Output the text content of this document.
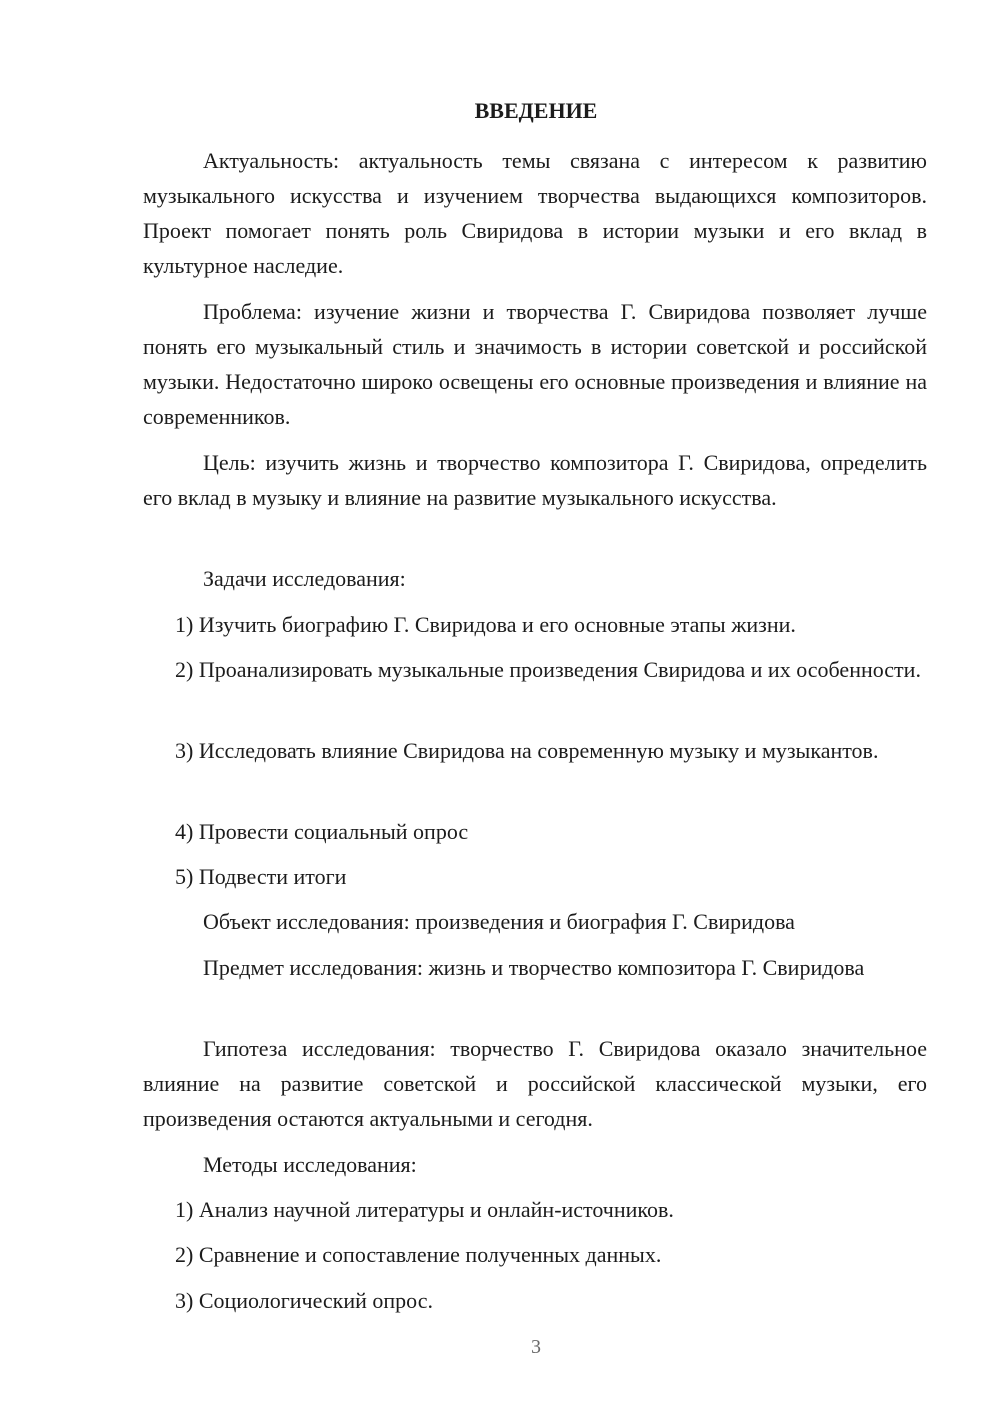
ВВЕДЕНИЕ

Актуальность: актуальность темы связана с интересом к развитию музыкального искусства и изучением творчества выдающихся композиторов. Проект помогает понять роль Свиридова в истории музыки и его вклад в культурное наследие.

Проблема: изучение жизни и творчества Г. Свиридова позволяет лучше понять его музыкальный стиль и значимость в истории советской и российской музыки. Недостаточно широко освещены его основные произведения и влияние на современников.

Цель: изучить жизнь и творчество композитора Г. Свиридова, определить его вклад в музыку и влияние на развитие музыкального искусства.

Задачи исследования:

1) Изучить биографию Г. Свиридова и его основные этапы жизни.

2) Проанализировать музыкальные произведения Свиридова и их особенности.

3) Исследовать влияние Свиридова на современную музыку и музыкантов.

4) Провести социальный опрос

5) Подвести итоги

Объект исследования: произведения и биография Г. Свиридова

Предмет исследования: жизнь и творчество композитора Г. Свиридова

Гипотеза исследования: творчество Г. Свиридова оказало значительное влияние на развитие советской и российской классической музыки, его произведения остаются актуальными и сегодня.

Методы исследования:

1) Анализ научной литературы и онлайн-источников.

2) Сравнение и сопоставление полученных данных.

3) Социологический опрос.

3
